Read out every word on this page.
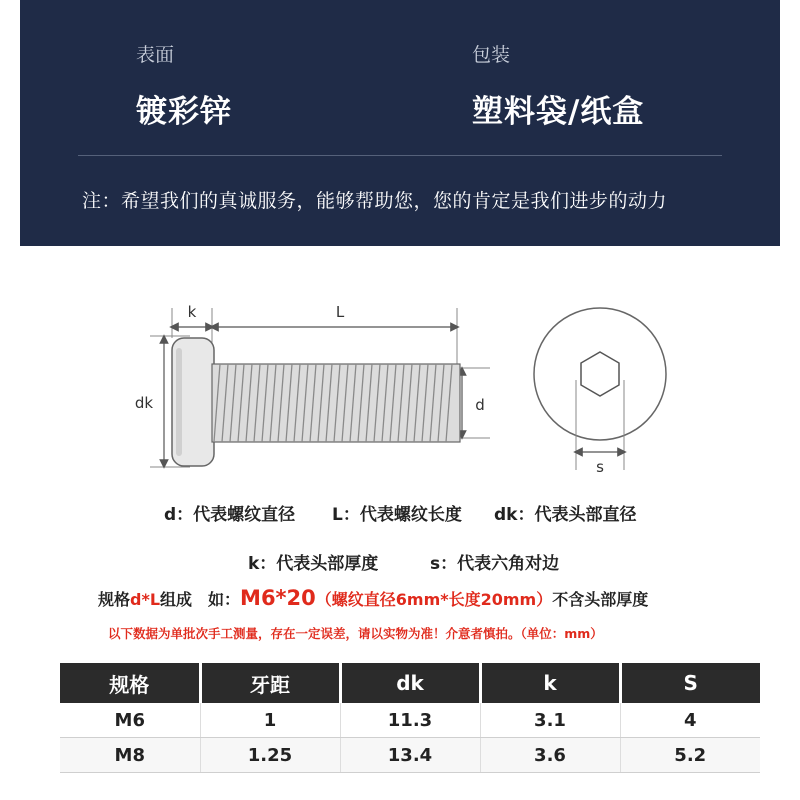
表面
镀彩锌
包装
塑料袋/纸盒
注：希望我们的真诚服务，能够帮助您，您的肯定是我们进步的动力
k	L
dk	d
s
d：代表螺纹直径 L：代表螺纹长度 dk：代表头部直径
k：代表头部厚度	s：代表六角对边
规格d*L组成　如：M6*20（螺纹直径6mm*长度20mm）不含头部厚度
以下数据为单批次手工测量，存在一定误差，请以实物为准！介意者慎拍。（单位：mm）
规格	牙距	dk	k	S
M6	1	11.3	3.1	4
M8	1.25	13.4	3.6	5.2
